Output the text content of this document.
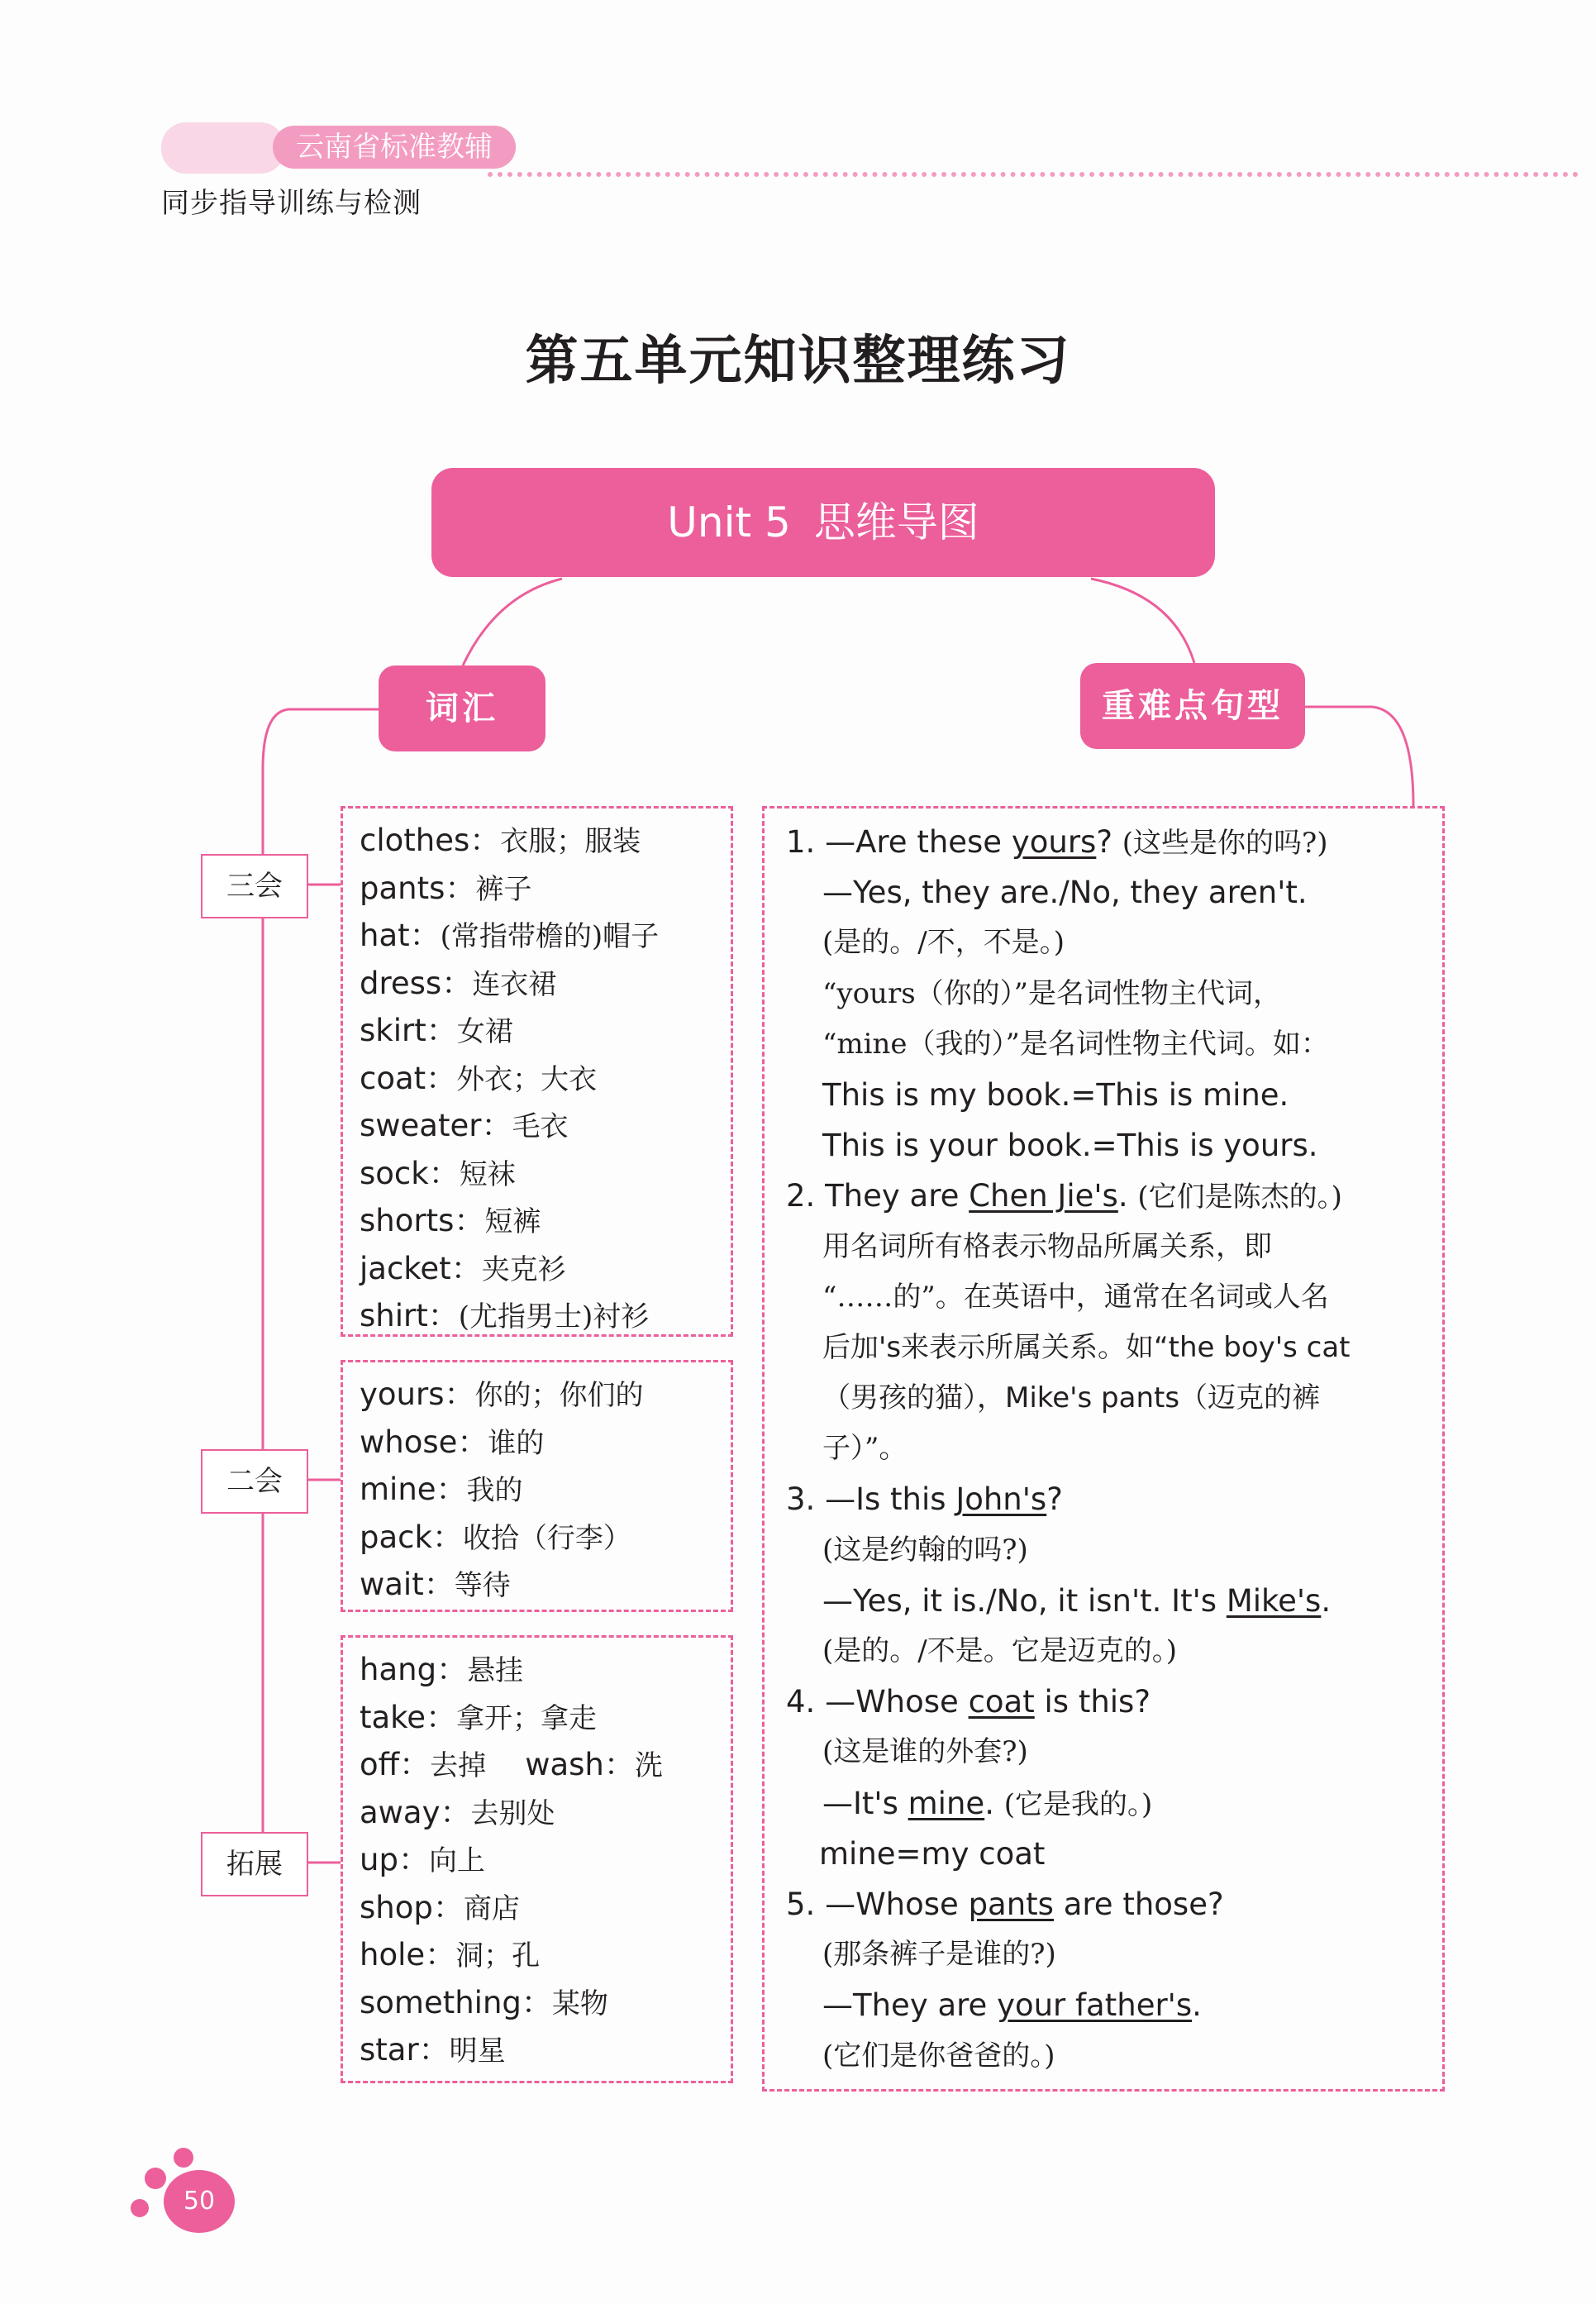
云南省标准教辅
同步指导训练与检测
第五单元知识整理练习
Unit 5 思维导图
词汇	重难点句型
三会
二会
拓展
clothes：衣服；服装
pants：裤子
hat：(常指带檐的)帽子
dress：连衣裙
skirt：女裙
coat：外衣；大衣
sweater：毛衣
sock：短袜
shorts：短裤
jacket：夹克衫
shirt：(尤指男士)衬衫
yours：你的；你们的
whose：谁的
mine：我的
pack：收拾（行李）
wait：等待
hang：悬挂
take：拿开；拿走
off：去掉 wash：洗
away：去别处
up：向上
shop：商店
hole：洞；孔
something：某物
star：明星
1. —Are these yours? (这些是你的吗?)
—Yes, they are./No, they aren't.
(是的。/不，不是。)
“yours（你的）”是名词性物主代词，
“mine（我的）”是名词性物主代词。如：
This is my book.=This is mine.
This is your book.=This is yours.
2. They are Chen Jie's. (它们是陈杰的。)
用名词所有格表示物品所属关系，即
“……的”。在英语中，通常在名词或人名
后加's来表示所属关系。如“the boy's cat
（男孩的猫），Mike's pants（迈克的裤
子）”。
3. —Is this John's?
(这是约翰的吗?)
—Yes, it is./No, it isn't. It's Mike's.
(是的。/不是。它是迈克的。)
4. —Whose coat is this?
(这是谁的外套?)
—It's mine. (它是我的。)
mine=my coat
5. —Whose pants are those?
(那条裤子是谁的?)
—They are your father's.
(它们是你爸爸的。)
50
